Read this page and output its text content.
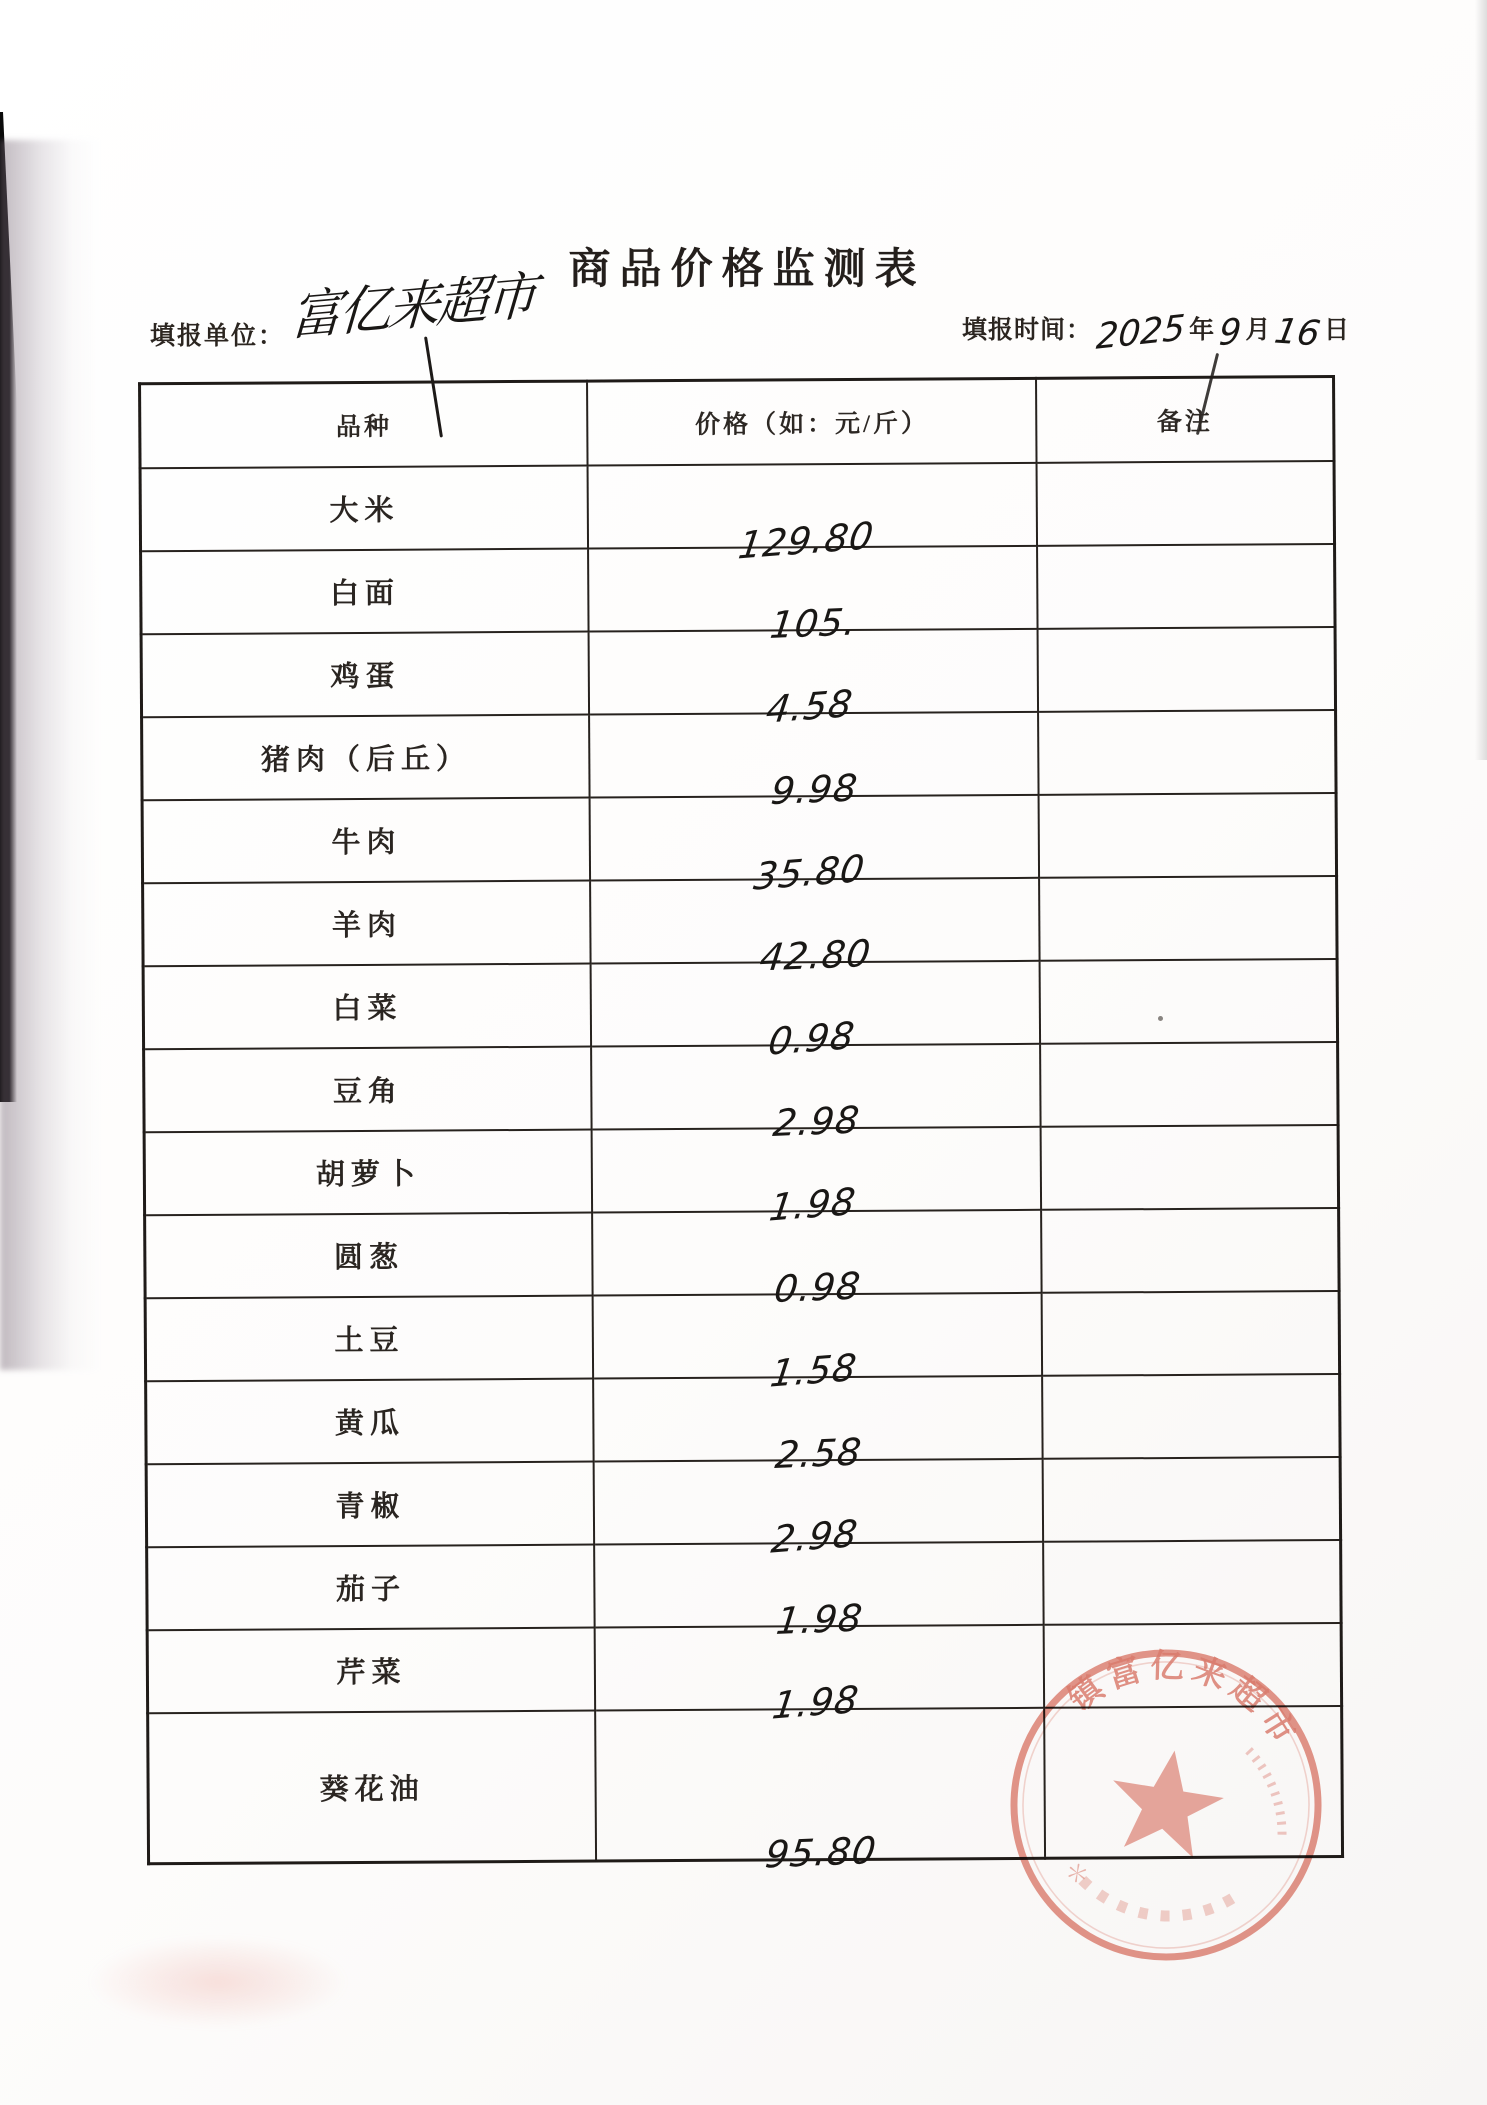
商品价格监测表
填报单位： 富亿来超市	填报时间：2025 年9 月16日
品种	价格（如：元/斤）	备注
大米	129.80	

白面	105.	

鸡蛋	4.58	

猪肉（后丘）	9.98	

牛肉	35.80	

羊肉	42.80	

白菜	0.98	

豆角	2.98	

胡萝卜	1.98	

圆葱	0.98	

土豆	1.58	

黄瓜	2.58	

青椒	2.98	

茄子	1.98	

芹菜	1.98	

葵花油	95.80	

镇富亿来超市
＊
